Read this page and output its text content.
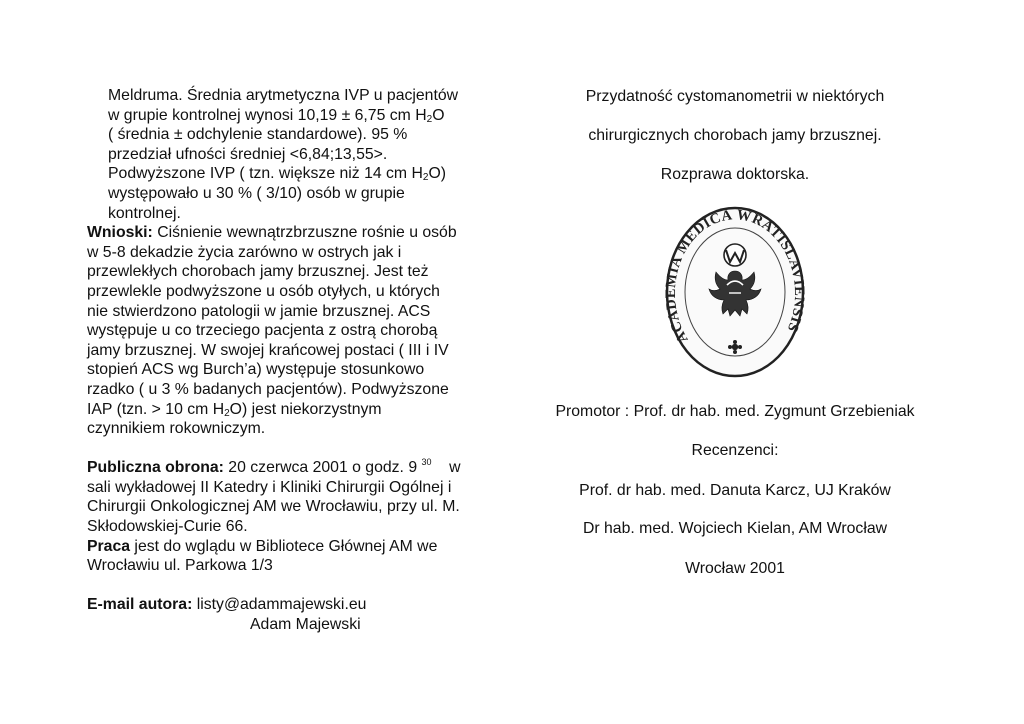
Meldruma. Średnia arytmetyczna IVP u pacjentów

w grupie kontrolnej wynosi 10,19 ± 6,75 cm $H_2O$

( średnia ± odchylenie standardowe). 95 %

przedział ufności średniej <6,84;13,55>.

Podwyższone IVP ( tzn. większe niż 14 cm $H_2O$)

występowało u 30 % ( 3/10) osób w grupie

kontrolnej.

Wnioski: Ciśnienie wewnątrzbrzuszne rośnie u osób

w 5-8 dekadzie życia zarówno w ostrych jak i

przewlekłych chorobach jamy brzusznej. Jest też

przewlekle podwyższone u osób otyłych, u których

nie stwierdzono patologii w jamie brzusznej. ACS

występuje u co trzeciego pacjenta z ostrą chorobą

jamy brzusznej. W swojej krańcowej postaci ( III i IV

stopień ACS wg Burch’a) występuje stosunkowo

rzadko ( u 3 % badanych pacjentów). Podwyższone

IAP (tzn. > 10 cm $H_2O$) jest niekorzystnym

czynnikiem rokowniczym.

Publiczna obrona: 20 czerwca 2001 o godz. 9 $^{30}$    w

sali wykładowej II Katedry i Kliniki Chirurgii Ogólnej i

Chirurgii Onkologicznej AM we Wrocławiu, przy ul. M.

Skłodowskiej-Curie 66.

Praca jest do wglądu w Bibliotece Głównej AM we

Wrocławiu ul. Parkowa 1/3

E-mail autora: listy@adammajewski.eu

Adam Majewski

Przydatność cystomanometrii w niektórych
chirurgicznych chorobach jamy brzusznej.
Rozprawa doktorska.
Promotor : Prof. dr hab. med. Zygmunt Grzebieniak
Recenzenci:
Prof. dr hab. med. Danuta Karcz, UJ Kraków
Dr hab. med. Wojciech Kielan, AM Wrocław
Wrocław 2001
ACADEMIA MEDICA WRATISLAVIENSIS
